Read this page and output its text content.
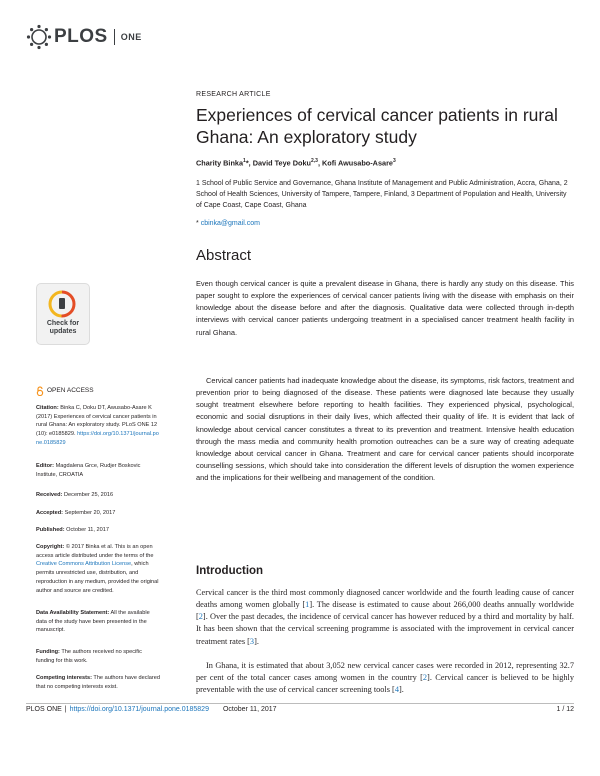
PLOS ONE
RESEARCH ARTICLE
Experiences of cervical cancer patients in rural Ghana: An exploratory study
Charity Binka$^1$*, David Teye Doku$^{2,3}$, Kofi Awusabo-Asare$^3$
1 School of Public Service and Governance, Ghana Institute of Management and Public Administration, Accra, Ghana, 2 School of Health Sciences, University of Tampere, Tampere, Finland, 3 Department of Population and Health, University of Cape Coast, Cape Coast, Ghana
* cbinka@gmail.com
Abstract

Even though cervical cancer is quite a prevalent disease in Ghana, there is hardly any study on this disease. This paper sought to explore the experiences of cervical cancer patients living with the disease with emphasis on their knowledge about the disease before and after the diagnosis. Qualitative data were collected through in-depth interviews with cervical cancer patients undergoing treatment in a specialised cancer treatment health facility in rural Ghana.

Cervical cancer patients had inadequate knowledge about the disease, its symptoms, risk factors, treatment and prevention prior to being diagnosed of the disease. These patients were diagnosed late because they usually sought treatment elsewhere before reporting to health facilities. They experienced physical, psychological, economic and social disruptions in their daily lives, which affected their quality of life. It is evident that lack of knowledge about cervical cancer constitutes a threat to its prevention and treatment. Intensive health education through the mass media and community health promotion outreaches can be a sure way of creating adequate knowledge about cervical cancer in Ghana. Treatment and care for cervical cancer patients should incorporate counselling sessions, which should take into consideration the different levels of disruption the women experience and the implications for their wellbeing and management of the condition.

Introduction

Cervical cancer is the third most commonly diagnosed cancer worldwide and the fourth leading cause of cancer deaths among women globally [1]. The disease is estimated to cause about 266,000 deaths annually worldwide [2]. Over the past decades, the incidence of cervical cancer has however reduced by a third and mortality by half. It has been shown that the cervical screening programme is associated with the improvement in cervical cancer treatment rates [3].

In Ghana, it is estimated that about 3,052 new cervical cancer cases were recorded in 2012, representing 32.7 per cent of the total cancer cases among women in the country [2]. Cervical cancer is believed to be highly preventable with the use of cervical cancer screening tools [4].

Check for updates
OPEN ACCESS
Citation: Binka C, Doku DT, Awusabo-Asare K (2017) Experiences of cervical cancer patients in rural Ghana: An exploratory study. PLoS ONE 12 (10): e0185829. https://doi.org/10.1371/journal.pone.0185829
Editor: Magdalena Grce, Rudjer Boskovic Institute, CROATIA
Received: December 25, 2016
Accepted: September 20, 2017
Published: October 11, 2017
Copyright: © 2017 Binka et al. This is an open access article distributed under the terms of the Creative Commons Attribution License, which permits unrestricted use, distribution, and reproduction in any medium, provided the original author and source are credited.
Data Availability Statement: All the available data of the study have been presented in the manuscript.
Funding: The authors received no specific funding for this work.
Competing interests: The authors have declared that no competing interests exist.
PLOS ONE | https://doi.org/10.1371/journal.pone.0185829 October 11, 2017	1 / 12
